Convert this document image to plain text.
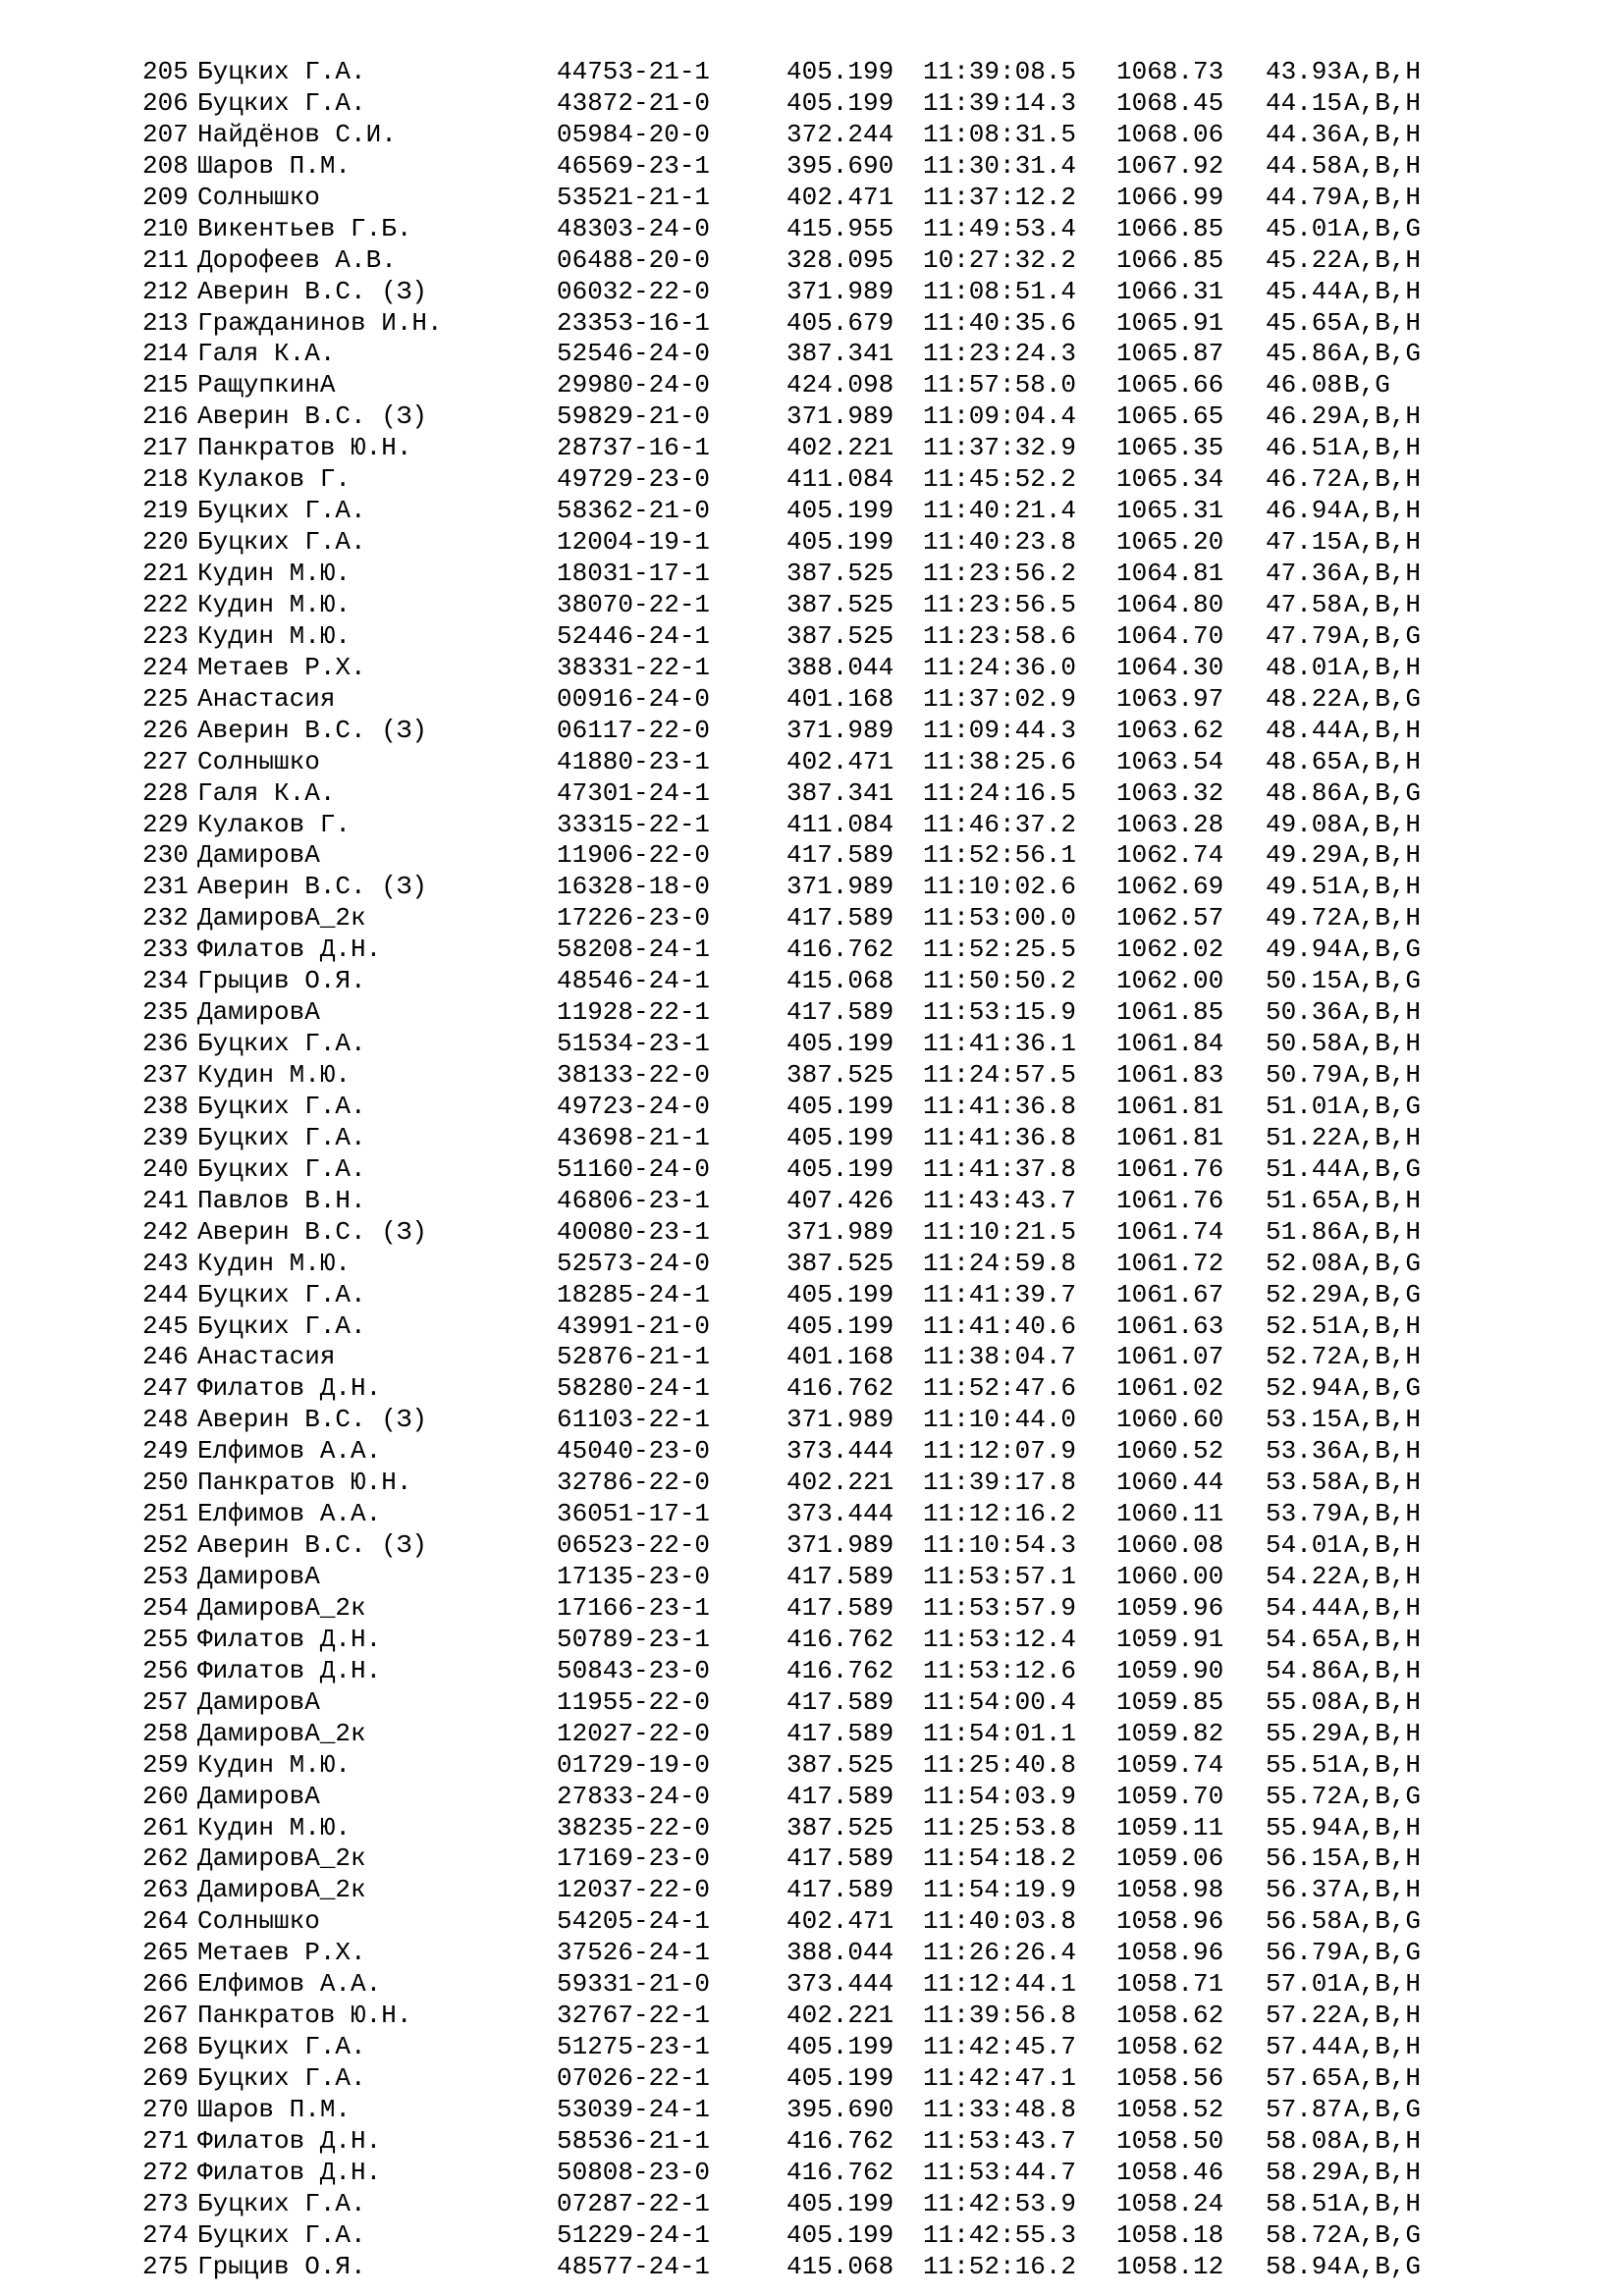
205 Буцких Г.А.	44753-21-1	405.199	11:39:08.5	1068.73	43.93 A,B,H
206 Буцких Г.А.	43872-21-0	405.199	11:39:14.3	1068.45	44.15 A,B,H
207 Найдёнов С.И.	05984-20-0	372.244	11:08:31.5	1068.06	44.36 A,B,H
208 Шаров П.М.	46569-23-1	395.690	11:30:31.4	1067.92	44.58 A,B,H
209 Солнышко	53521-21-1	402.471	11:37:12.2	1066.99	44.79 A,B,H
210 Викентьев Г.Б.	48303-24-0	415.955	11:49:53.4	1066.85	45.01 A,B,G
211 Дорофеев А.В.	06488-20-0	328.095	10:27:32.2	1066.85	45.22 A,B,H
212 Аверин В.С. (З)	06032-22-0	371.989	11:08:51.4	1066.31	45.44 A,B,H
213 Гражданинов И.Н.	23353-16-1	405.679	11:40:35.6	1065.91	45.65 A,B,H
214 Галя К.А.	52546-24-0	387.341	11:23:24.3	1065.87	45.86 A,B,G
215 РащупкинА	29980-24-0	424.098	11:57:58.0	1065.66	46.08 B,G
216 Аверин В.С. (З)	59829-21-0	371.989	11:09:04.4	1065.65	46.29 A,B,H
217 Панкратов Ю.Н.	28737-16-1	402.221	11:37:32.9	1065.35	46.51 A,B,H
218 Кулаков Г.	49729-23-0	411.084	11:45:52.2	1065.34	46.72 A,B,H
219 Буцких Г.А.	58362-21-0	405.199	11:40:21.4	1065.31	46.94 A,B,H
220 Буцких Г.А.	12004-19-1	405.199	11:40:23.8	1065.20	47.15 A,B,H
221 Кудин М.Ю.	18031-17-1	387.525	11:23:56.2	1064.81	47.36 A,B,H
222 Кудин М.Ю.	38070-22-1	387.525	11:23:56.5	1064.80	47.58 A,B,H
223 Кудин М.Ю.	52446-24-1	387.525	11:23:58.6	1064.70	47.79 A,B,G
224 Метаев Р.Х.	38331-22-1	388.044	11:24:36.0	1064.30	48.01 A,B,H
225 Анастасия	00916-24-0	401.168	11:37:02.9	1063.97	48.22 A,B,G
226 Аверин В.С. (З)	06117-22-0	371.989	11:09:44.3	1063.62	48.44 A,B,H
227 Солнышко	41880-23-1	402.471	11:38:25.6	1063.54	48.65 A,B,H
228 Галя К.А.	47301-24-1	387.341	11:24:16.5	1063.32	48.86 A,B,G
229 Кулаков Г.	33315-22-1	411.084	11:46:37.2	1063.28	49.08 A,B,H
230 ДамировА	11906-22-0	417.589	11:52:56.1	1062.74	49.29 A,B,H
231 Аверин В.С. (З)	16328-18-0	371.989	11:10:02.6	1062.69	49.51 A,B,H
232 ДамировА_2к	17226-23-0	417.589	11:53:00.0	1062.57	49.72 A,B,H
233 Филатов Д.Н.	58208-24-1	416.762	11:52:25.5	1062.02	49.94 A,B,G
234 Грыцив О.Я.	48546-24-1	415.068	11:50:50.2	1062.00	50.15 A,B,G
235 ДамировА	11928-22-1	417.589	11:53:15.9	1061.85	50.36 A,B,H
236 Буцких Г.А.	51534-23-1	405.199	11:41:36.1	1061.84	50.58 A,B,H
237 Кудин М.Ю.	38133-22-0	387.525	11:24:57.5	1061.83	50.79 A,B,H
238 Буцких Г.А.	49723-24-0	405.199	11:41:36.8	1061.81	51.01 A,B,G
239 Буцких Г.А.	43698-21-1	405.199	11:41:36.8	1061.81	51.22 A,B,H
240 Буцких Г.А.	51160-24-0	405.199	11:41:37.8	1061.76	51.44 A,B,G
241 Павлов В.Н.	46806-23-1	407.426	11:43:43.7	1061.76	51.65 A,B,H
242 Аверин В.С. (З)	40080-23-1	371.989	11:10:21.5	1061.74	51.86 A,B,H
243 Кудин М.Ю.	52573-24-0	387.525	11:24:59.8	1061.72	52.08 A,B,G
244 Буцких Г.А.	18285-24-1	405.199	11:41:39.7	1061.67	52.29 A,B,G
245 Буцких Г.А.	43991-21-0	405.199	11:41:40.6	1061.63	52.51 A,B,H
246 Анастасия	52876-21-1	401.168	11:38:04.7	1061.07	52.72 A,B,H
247 Филатов Д.Н.	58280-24-1	416.762	11:52:47.6	1061.02	52.94 A,B,G
248 Аверин В.С. (З)	61103-22-1	371.989	11:10:44.0	1060.60	53.15 A,B,H
249 Елфимов А.А.	45040-23-0	373.444	11:12:07.9	1060.52	53.36 A,B,H
250 Панкратов Ю.Н.	32786-22-0	402.221	11:39:17.8	1060.44	53.58 A,B,H
251 Елфимов А.А.	36051-17-1	373.444	11:12:16.2	1060.11	53.79 A,B,H
252 Аверин В.С. (З)	06523-22-0	371.989	11:10:54.3	1060.08	54.01 A,B,H
253 ДамировА	17135-23-0	417.589	11:53:57.1	1060.00	54.22 A,B,H
254 ДамировА_2к	17166-23-1	417.589	11:53:57.9	1059.96	54.44 A,B,H
255 Филатов Д.Н.	50789-23-1	416.762	11:53:12.4	1059.91	54.65 A,B,H
256 Филатов Д.Н.	50843-23-0	416.762	11:53:12.6	1059.90	54.86 A,B,H
257 ДамировА	11955-22-0	417.589	11:54:00.4	1059.85	55.08 A,B,H
258 ДамировА_2к	12027-22-0	417.589	11:54:01.1	1059.82	55.29 A,B,H
259 Кудин М.Ю.	01729-19-0	387.525	11:25:40.8	1059.74	55.51 A,B,H
260 ДамировА	27833-24-0	417.589	11:54:03.9	1059.70	55.72 A,B,G
261 Кудин М.Ю.	38235-22-0	387.525	11:25:53.8	1059.11	55.94 A,B,H
262 ДамировА_2к	17169-23-0	417.589	11:54:18.2	1059.06	56.15 A,B,H
263 ДамировА_2к	12037-22-0	417.589	11:54:19.9	1058.98	56.37 A,B,H
264 Солнышко	54205-24-1	402.471	11:40:03.8	1058.96	56.58 A,B,G
265 Метаев Р.Х.	37526-24-1	388.044	11:26:26.4	1058.96	56.79 A,B,G
266 Елфимов А.А.	59331-21-0	373.444	11:12:44.1	1058.71	57.01 A,B,H
267 Панкратов Ю.Н.	32767-22-1	402.221	11:39:56.8	1058.62	57.22 A,B,H
268 Буцких Г.А.	51275-23-1	405.199	11:42:45.7	1058.62	57.44 A,B,H
269 Буцких Г.А.	07026-22-1	405.199	11:42:47.1	1058.56	57.65 A,B,H
270 Шаров П.М.	53039-24-1	395.690	11:33:48.8	1058.52	57.87 A,B,G
271 Филатов Д.Н.	58536-21-1	416.762	11:53:43.7	1058.50	58.08 A,B,H
272 Филатов Д.Н.	50808-23-0	416.762	11:53:44.7	1058.46	58.29 A,B,H
273 Буцких Г.А.	07287-22-1	405.199	11:42:53.9	1058.24	58.51 A,B,H
274 Буцких Г.А.	51229-24-1	405.199	11:42:55.3	1058.18	58.72 A,B,G
275 Грыцив О.Я.	48577-24-1	415.068	11:52:16.2	1058.12	58.94 A,B,G
